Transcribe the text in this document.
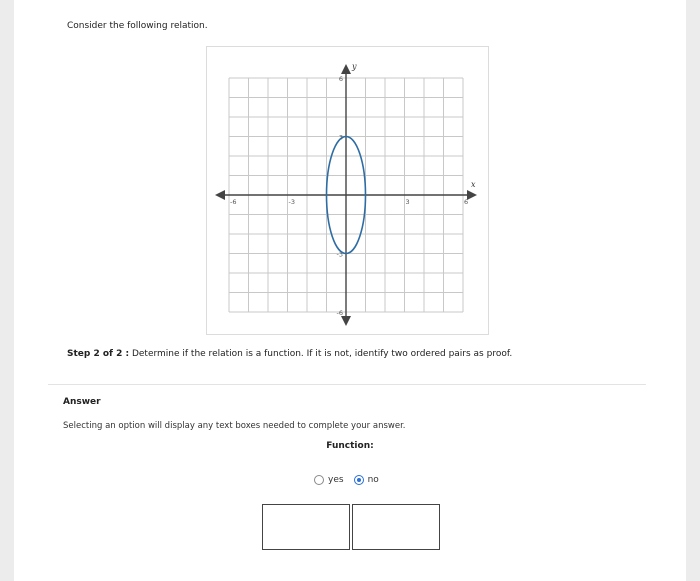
Consider the following relation.
x
y
-6	-3	3	6
6
3
-3
-6
Step 2 of 2 : Determine if the relation is a function. If it is not, identify two ordered pairs as proof.
Answer
Selecting an option will display any text boxes needed to complete your answer.
Function:
yes	no
